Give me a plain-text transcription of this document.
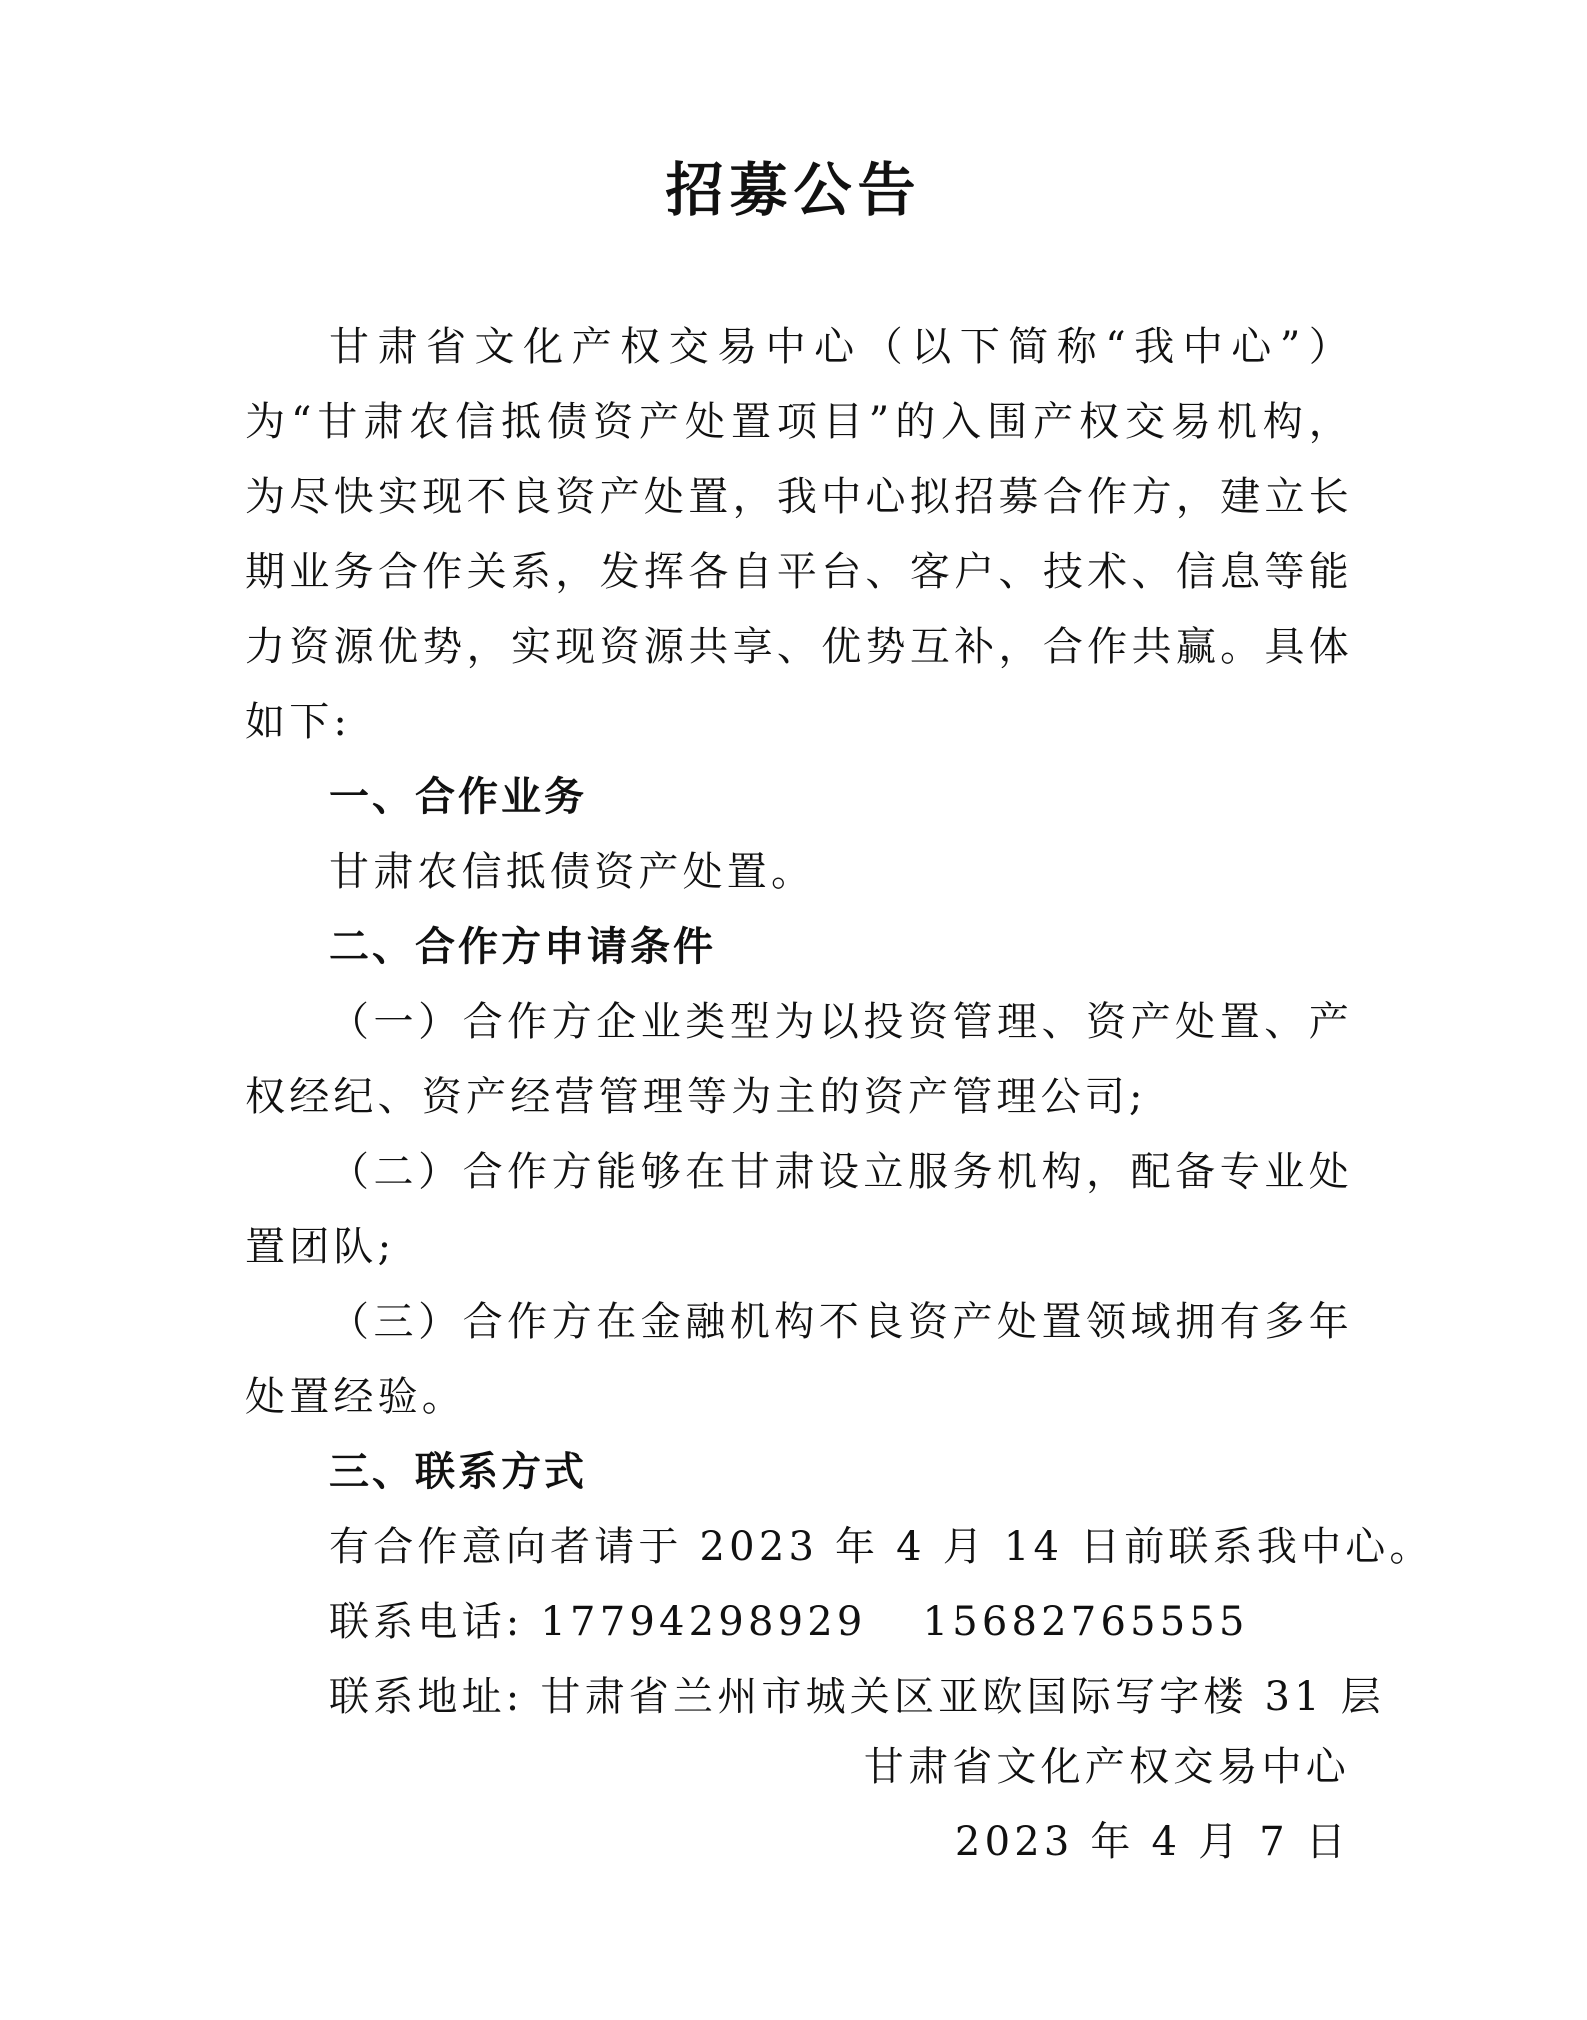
招募公告

甘肃省文化产权交易中心（以下简称“我中心”）为“甘肃农信抵债资产处置项目”的入围产权交易机构，为尽快实现不良资产处置，我中心拟招募合作方，建立长期业务合作关系，发挥各自平台、客户、技术、信息等能力资源优势，实现资源共享、优势互补，合作共赢。具体如下:

一、合作业务

甘肃农信抵债资产处置。

二、合作方申请条件

（一）合作方企业类型为以投资管理、资产处置、产权经纪、资产经营管理等为主的资产管理公司;

（二）合作方能够在甘肃设立服务机构，配备专业处置团队;

（三）合作方在金融机构不良资产处置领域拥有多年处置经验。

三、联系方式

有合作意向者请于 2023 年 4 月 14 日前联系我中心。

联系电话: 17794298929 15682765555

联系地址: 甘肃省兰州市城关区亚欧国际写字楼 31 层

甘肃省文化产权交易中心
2023 年 4 月 7 日
